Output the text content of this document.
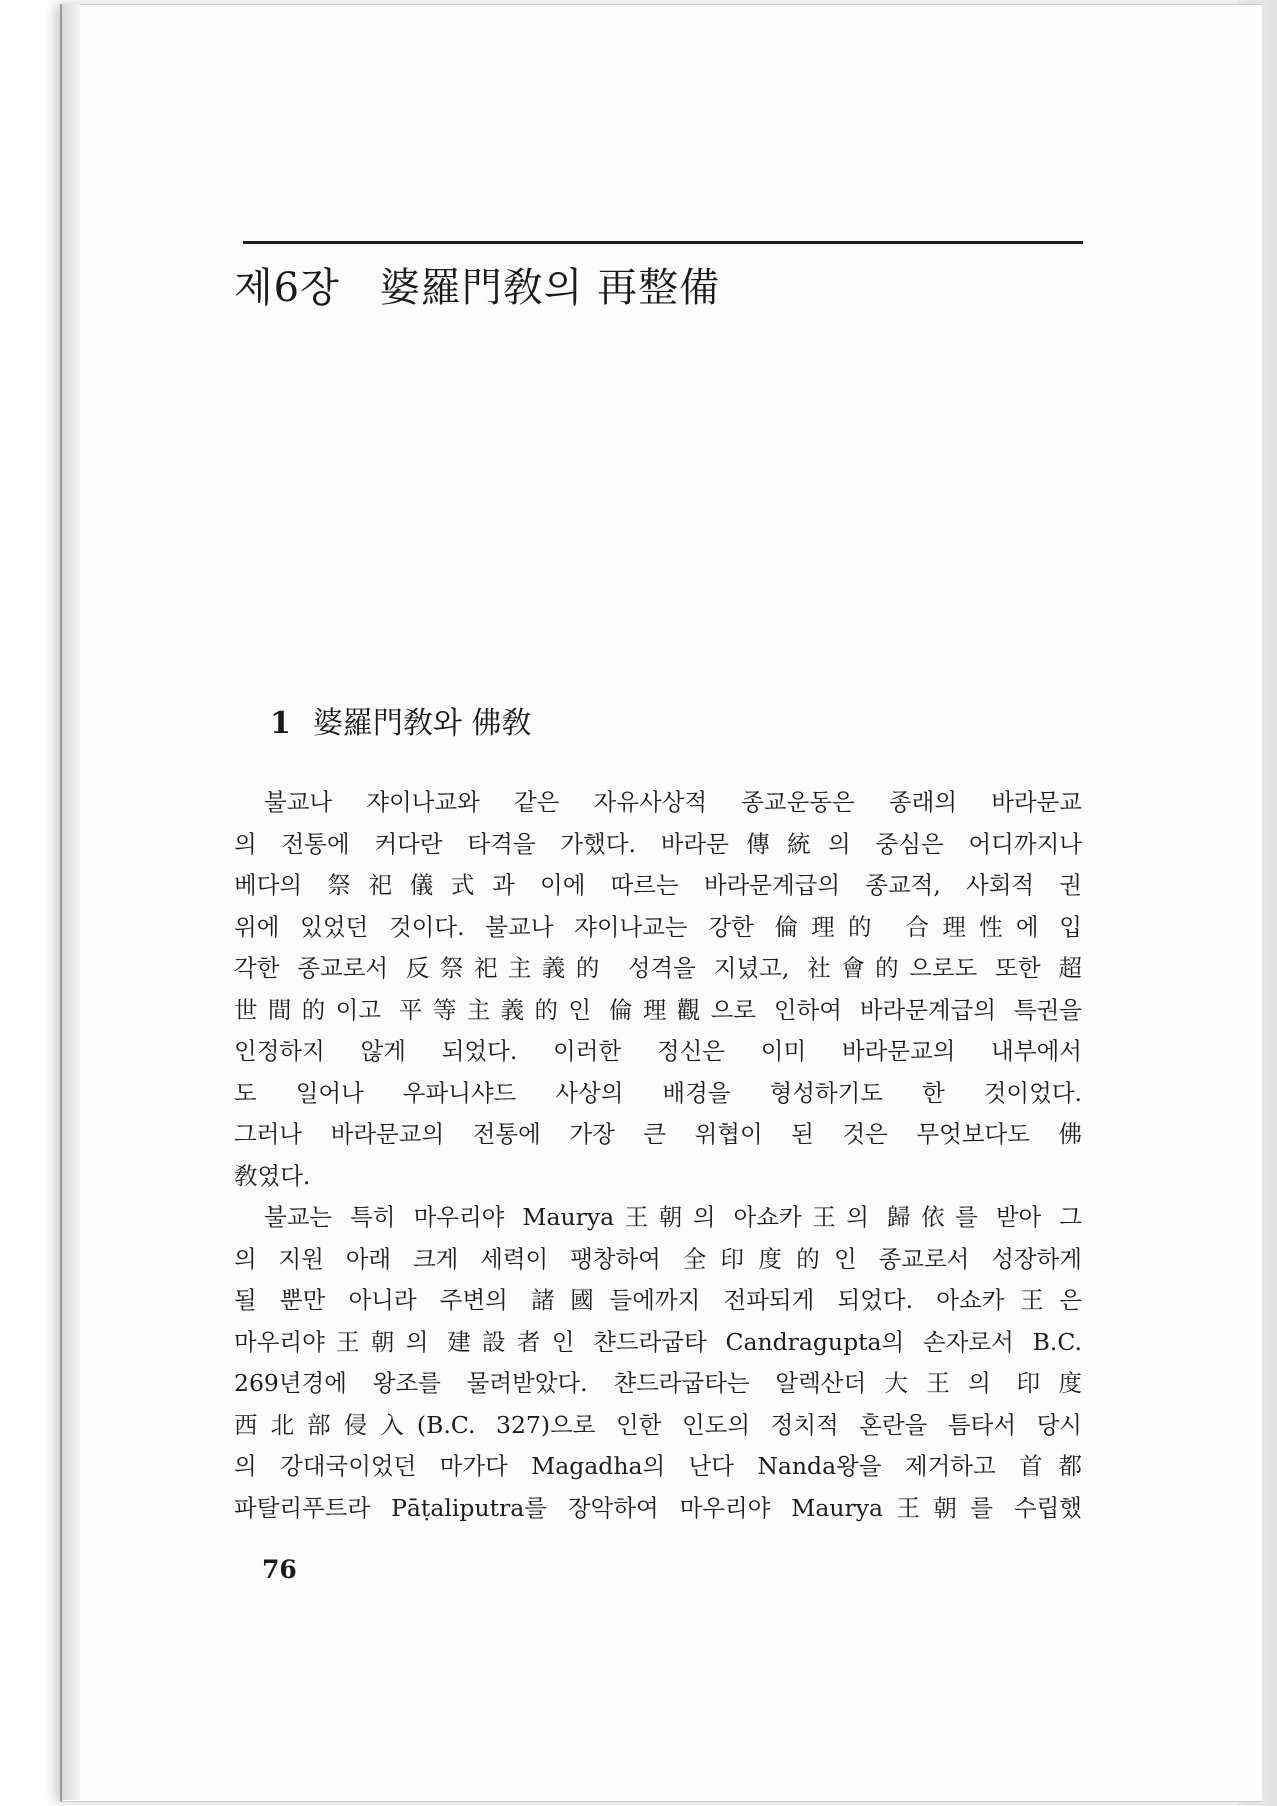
제6장 婆羅門敎의 再整備
1 婆羅門敎와 佛敎
불교나 쟈이나교와 같은 자유사상적 종교운동은 종래의 바라문교
의 전통에 커다란 타격을 가했다. 바라문傳統의 중심은 어디까지나
베다의 祭祀儀式과 이에 따르는 바라문계급의 종교적, 사회적 권
위에 있었던 것이다. 불교나 쟈이나교는 강한 倫理的 合理性에 입
각한 종교로서 反祭祀主義的 성격을 지녔고, 社會的으로도 또한 超
世間的이고 平等主義的인 倫理觀으로 인하여 바라문계급의 특권을
인정하지 않게 되었다. 이러한 정신은 이미 바라문교의 내부에서
도 일어나 우파니샤드 사상의 배경을 형성하기도 한 것이었다.
그러나 바라문교의 전통에 가장 큰 위협이 된 것은 무엇보다도 佛
敎였다.
불교는 특히 마우리야 Maurya王朝의 아쇼카王의 歸依를 받아 그
의 지원 아래 크게 세력이 팽창하여 全印度的인 종교로서 성장하게
될 뿐만 아니라 주변의 諸國들에까지 전파되게 되었다. 아쇼카王은
마우리야王朝의 建設者인 챤드라굽타 Candragupta의 손자로서 B.C.
269년경에 왕조를 물려받았다. 챤드라굽타는 알렉산더大王의 印度
西北部侵入(B.C. 327)으로 인한 인도의 정치적 혼란을 틈타서 당시
의 강대국이었던 마가다 Magadha의 난다 Nanda왕을 제거하고 首都
파탈리푸트라 Pāṭaliputra를 장악하여 마우리야 Maurya王朝를 수립했
76
